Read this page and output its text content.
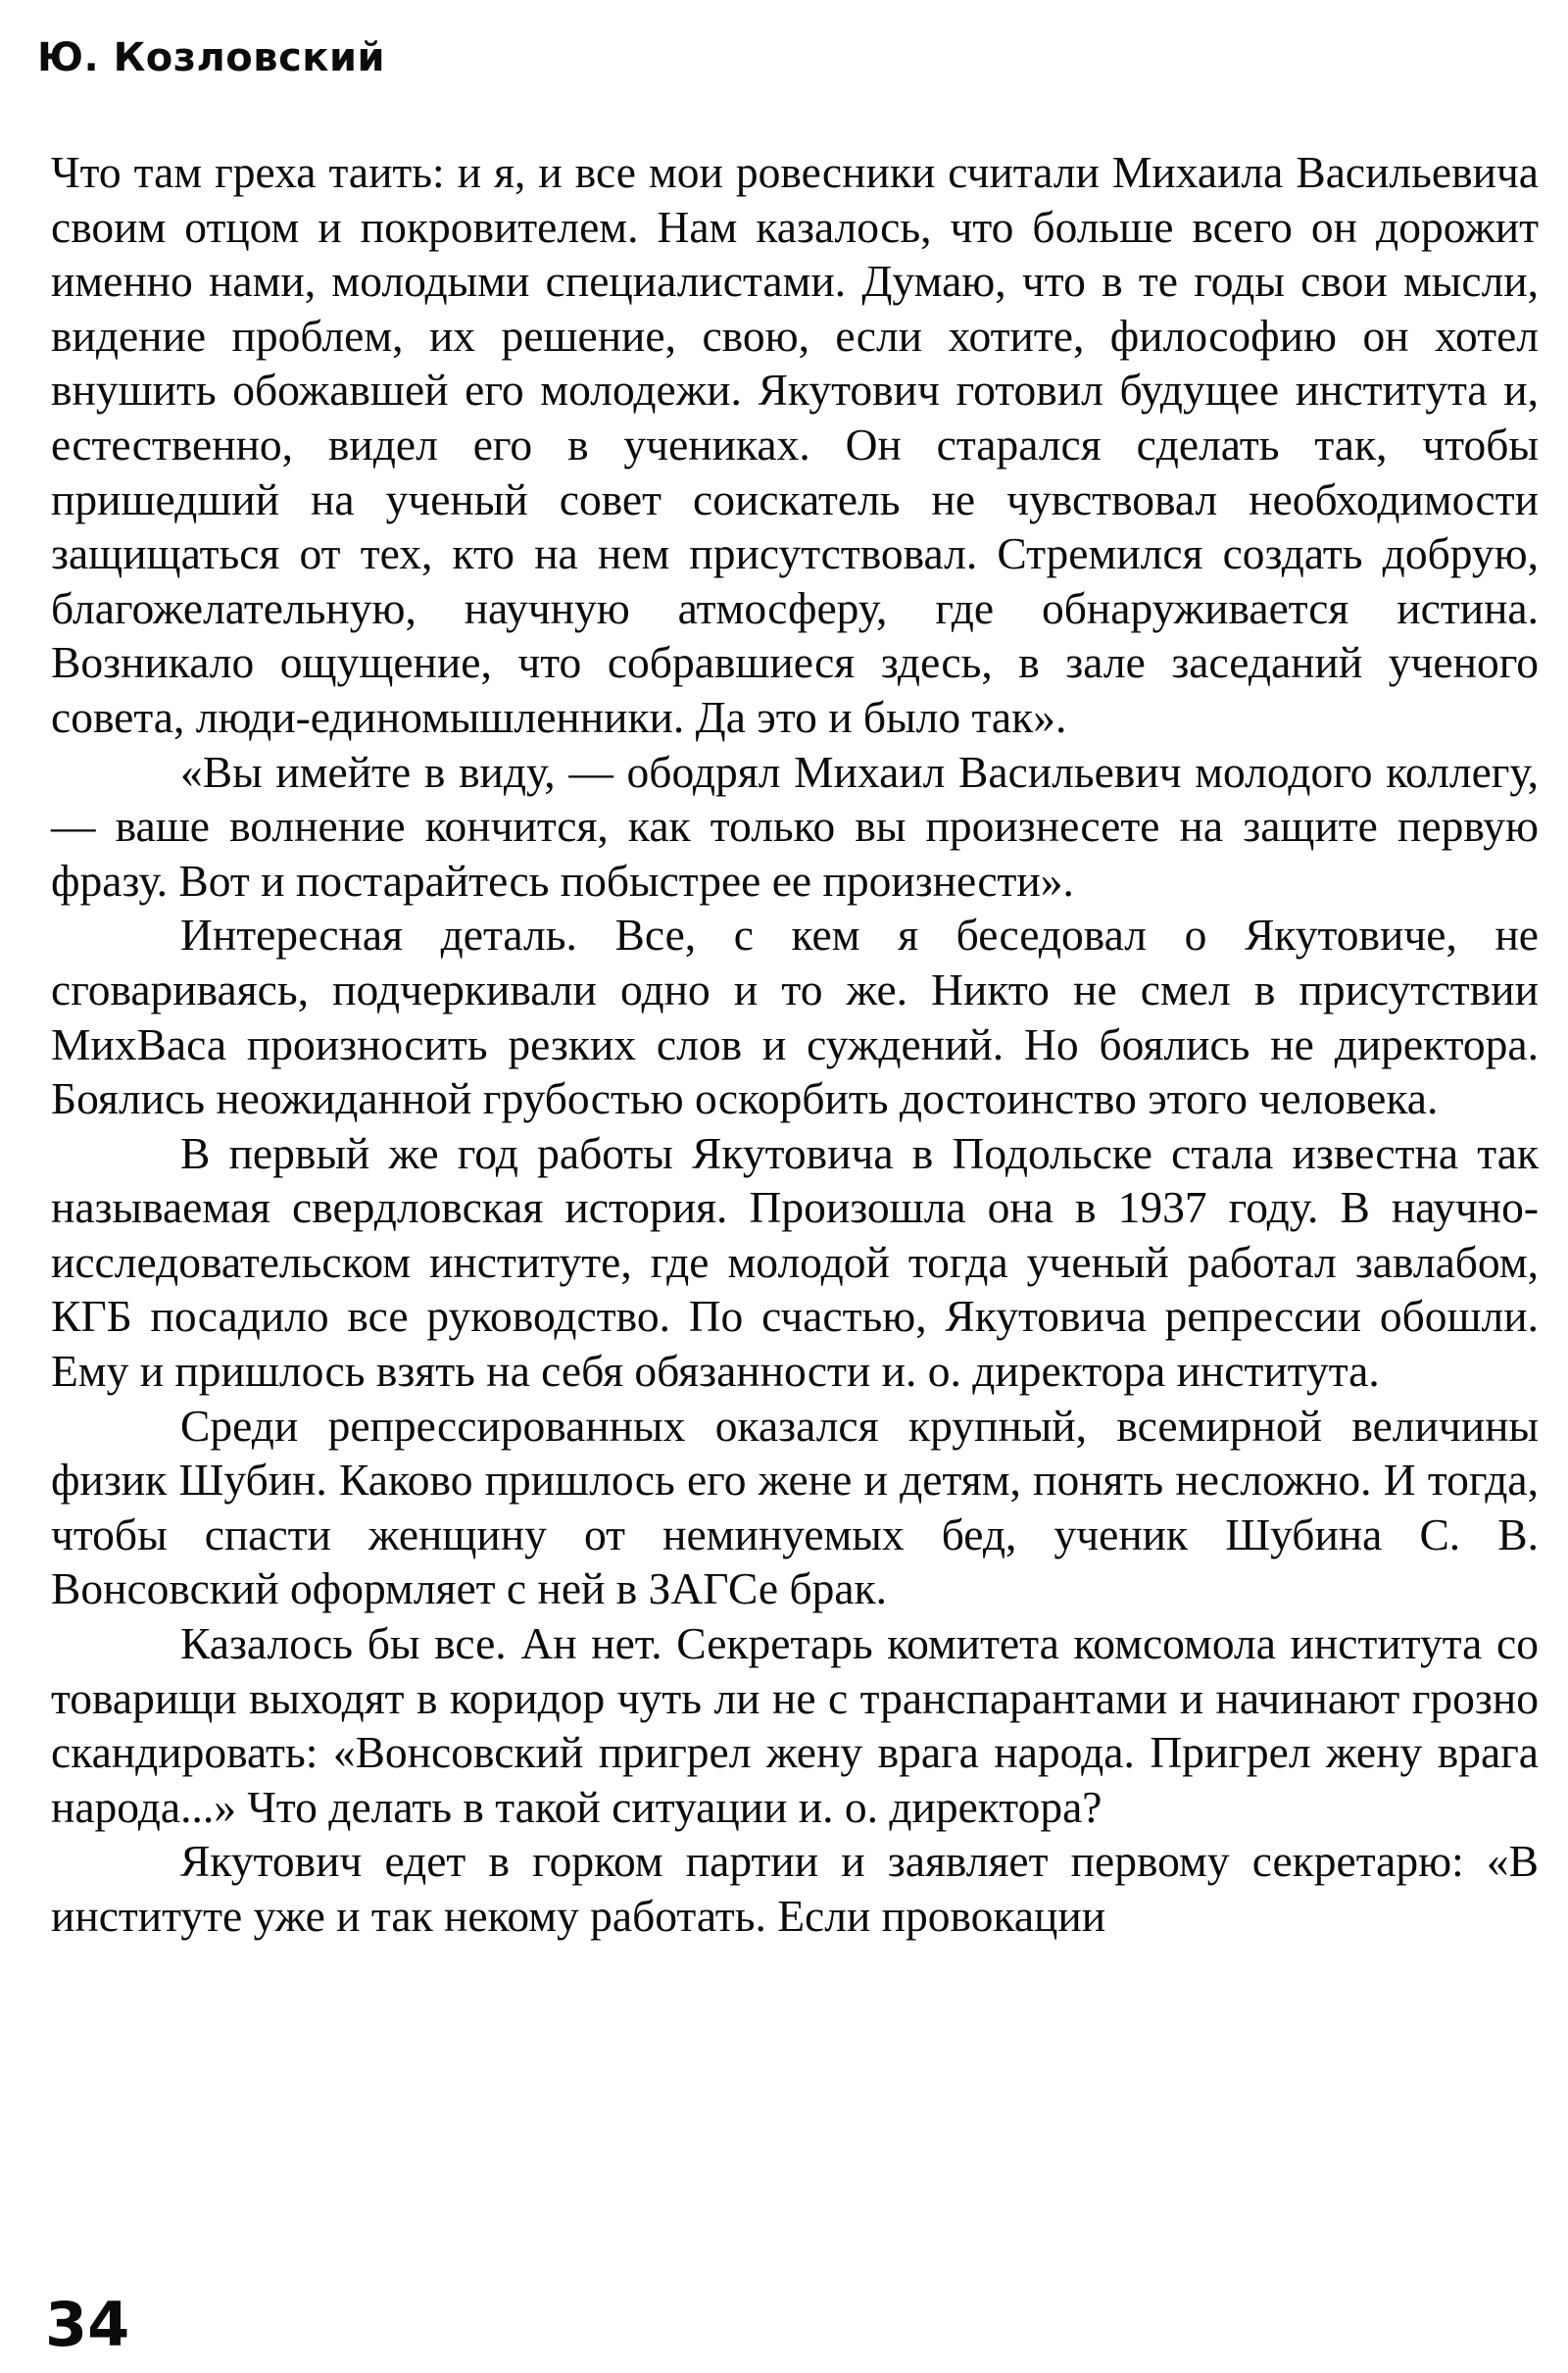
Ю. Козловский

Что там греха таить: и я, и все мои ровесники считали Михаила Васильевича своим отцом и покровителем. Нам казалось, что больше всего он дорожит именно нами, молодыми специалистами. Думаю, что в те годы свои мысли, видение проблем, их решение, свою, если хотите, философию он хотел внушить обожавшей его молодежи. Якутович готовил будущее института и, естественно, видел его в учениках. Он старался сделать так, чтобы пришедший на ученый совет соискатель не чувствовал необходимости защищаться от тех, кто на нем присутствовал. Стремился создать добрую, благожелательную, научную атмосферу, где обнаруживается истина. Возникало ощущение, что собравшиеся здесь, в зале заседаний ученого совета, люди-единомышленники. Да это и было так».

«Вы имейте в виду, — ободрял Михаил Васильевич молодого коллегу, — ваше волнение кончится, как только вы произнесете на защите первую фразу. Вот и постарайтесь побыстрее ее произнести».

Интересная деталь. Все, с кем я беседовал о Якутовиче, не сговариваясь, подчеркивали одно и то же. Никто не смел в присутствии МихВаса произносить резких слов и суждений. Но боялись не директора. Боялись неожиданной грубостью оскорбить достоинство этого человека.

В первый же год работы Якутовича в Подольске стала известна так называемая свердловская история. Произошла она в 1937 году. В научно-исследовательском институте, где молодой тогда ученый работал завлабом, КГБ посадило все руководство. По счастью, Якутовича репрессии обошли. Ему и пришлось взять на себя обязанности и. о. директора института.

Среди репрессированных оказался крупный, всемирной величины физик Шубин. Каково пришлось его жене и детям, понять несложно. И тогда, чтобы спасти женщину от неминуемых бед, ученик Шубина С. В. Вонсовский оформляет с ней в ЗАГСе брак.

Казалось бы все. Ан нет. Секретарь комитета комсомола института со товарищи выходят в коридор чуть ли не с транспарантами и начинают грозно скандировать: «Вонсовский пригрел жену врага народа. Пригрел жену врага народа...» Что делать в такой ситуации и. о. директора?

Якутович едет в горком партии и заявляет первому секретарю: «В институте уже и так некому работать. Если провокации

34
